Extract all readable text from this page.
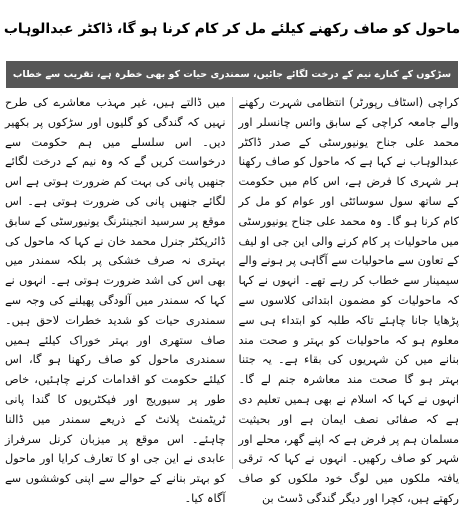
ماحول کو صاف رکھنے کیلئے مل کر کام کرنا ہو گا، ڈاکٹر عبدالوہاب
سڑکوں کے کنارے نیم کے درخت لگائے جائیں، سمندری حیات کو بھی خطرہ ہے، تقریب سے خطاب

کراچی (اسٹاف رپورٹر) انتظامی شہرت رکھنے والے جامعہ کراچی کے سابق وائس چانسلر اور محمد علی جناح یونیورسٹی کے صدر ڈاکٹر عبدالوہاب نے کہا ہے کہ ماحول کو صاف رکھنا ہر شہری کا فرض ہے، اس کام میں حکومت کے ساتھ سول سوسائٹی اور عوام کو مل کر کام کرنا ہو گا۔ وہ محمد علی جناح یونیورسٹی میں ماحولیات پر کام کرنے والی این جی او لیف کے تعاون سے ماحولیات سے آگاہی پر ہونے والے سیمینار سے خطاب کر رہے تھے۔ انہوں نے کہا کہ ماحولیات کو مضمون ابتدائی کلاسوں سے پڑھایا جانا چاہئے تاکہ طلبہ کو ابتداء ہی سے معلوم ہو کہ ماحولیات کو بہتر و صحت مند بنانے میں کن شہریوں کی بقاء ہے۔ یہ جتنا بہتر ہو گا صحت مند معاشرہ جنم لے گا۔ انہوں نے کہا کہ اسلام نے بھی ہمیں تعلیم دی ہے کہ صفائی نصف ایمان ہے اور بحیثیت مسلمان ہم پر فرض ہے کہ اپنے گھر، محلے اور شہر کو صاف رکھیں۔ انہوں نے کہا کہ ترقی یافتہ ملکوں میں لوگ خود ملکوں کو صاف رکھتے ہیں، کچرا اور دیگر گندگی ڈسٹ بن

میں ڈالتے ہیں، غیر مہذب معاشرے کی طرح نہیں کہ گندگی کو گلیوں اور سڑکوں پر بکھیر دیں۔ اس سلسلے میں ہم حکومت سے درخواست کریں گے کہ وہ نیم کے درخت لگائے جنھیں پانی کی بہت کم ضرورت ہوتی ہے اس لگائے جنھیں پانی کی ضرورت ہوتی ہے۔ اس موقع پر سرسید انجینئرنگ یونیورسٹی کے سابق ڈائریکٹر جنرل محمد خان نے کہا کہ ماحول کی بہتری نہ صرف خشکی پر بلکہ سمندر میں بھی اس کی اشد ضرورت ہوتی ہے۔ انہوں نے کہا کہ سمندر میں آلودگی پھیلنے کی وجہ سے سمندری حیات کو شدید خطرات لاحق ہیں۔ صاف ستھری اور بہتر خوراک کیلئے ہمیں سمندری ماحول کو صاف رکھنا ہو گا، اس کیلئے حکومت کو اقدامات کرنے چاہئیں، خاص طور پر سیوریج اور فیکٹریوں کا گندا پانی ٹریٹمنٹ پلانٹ کے ذریعے سمندر میں ڈالنا چاہئے۔ اس موقع پر میزبان کرنل سرفراز عابدی نے این جی او کا تعارف کرایا اور ماحول کو بہتر بنانے کے حوالے سے اپنی کوششوں سے آگاہ کیا۔
